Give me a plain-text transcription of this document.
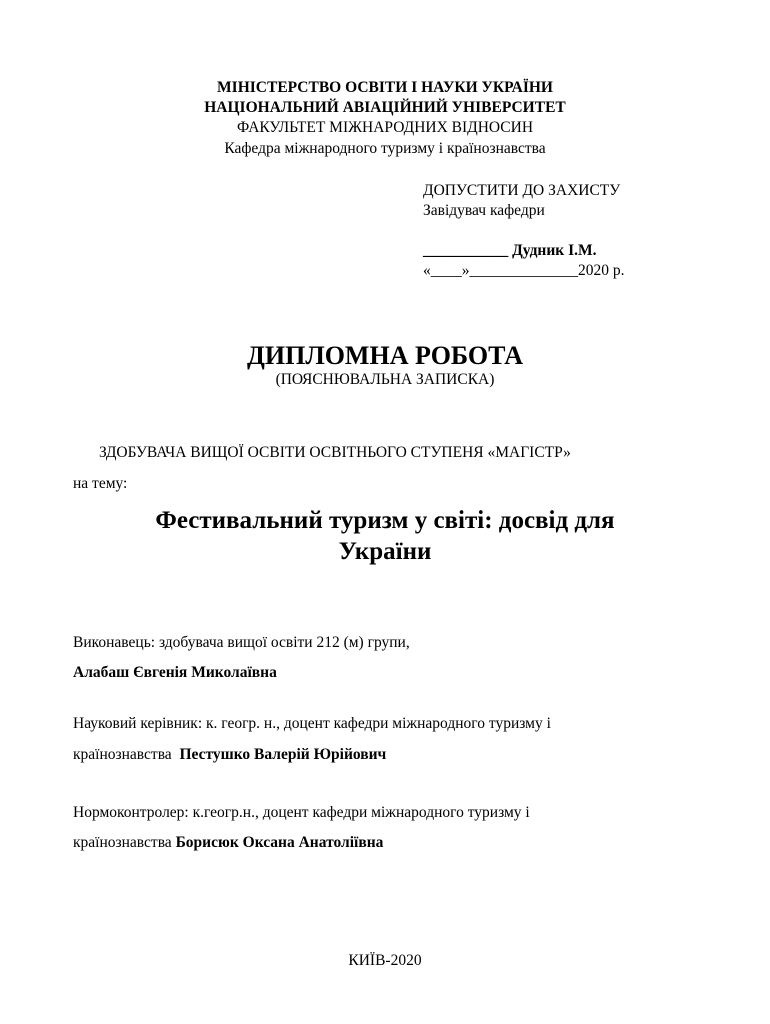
МІНІСТЕРСТВО ОСВІТИ І НАУКИ УКРАЇНИ
НАЦІОНАЛЬНИЙ АВІАЦІЙНИЙ УНІВЕРСИТЕТ
ФАКУЛЬТЕТ МІЖНАРОДНИХ ВІДНОСИН
Кафедра міжнародного туризму і країнознавства
ДОПУСТИТИ ДО ЗАХИСТУ
Завідувач кафедри
___________ Дудник І.М.
«____»______________2020 р.
ДИПЛОМНА РОБОТА
(ПОЯСНЮВАЛЬНА ЗАПИСКА)
ЗДОБУВАЧА ВИЩОЇ ОСВІТИ ОСВІТНЬОГО СТУПЕНЯ «МАГІСТР»
на тему:
Фестивальний туризм у світі: досвід для
України
Виконавець: здобувача вищої освіти 212 (м) групи,
Алабаш Євгенія Миколаївна
Науковий керівник: к. геогр. н., доцент кафедри міжнародного туризму і
країнознавства Пестушко Валерій Юрійович
Нормоконтролер: к.геогр.н., доцент кафедри міжнародного туризму і
країнознавства Борисюк Оксана Анатоліївна
КИЇВ-2020
